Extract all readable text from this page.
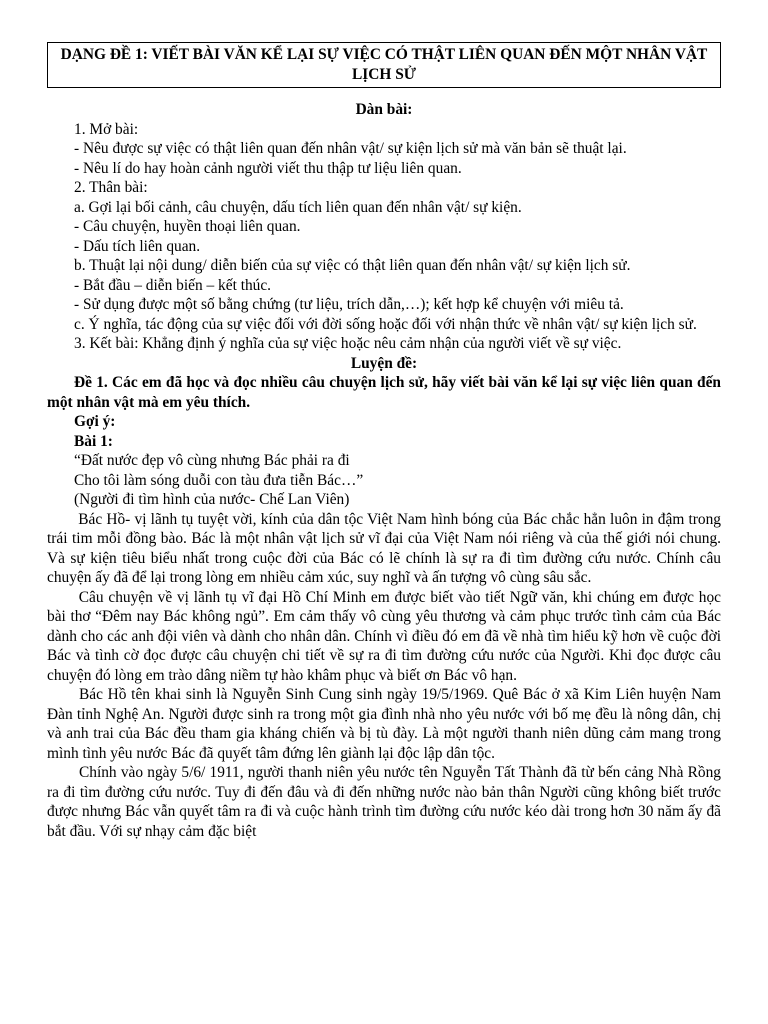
DẠNG ĐỀ 1: VIẾT BÀI VĂN KỂ LẠI SỰ VIỆC CÓ THẬT LIÊN QUAN ĐẾN MỘT NHÂN VẬT LỊCH SỬ
Dàn bài:

1. Mở bài:

- Nêu được sự việc có thật liên quan đến nhân vật/ sự kiện lịch sử mà văn bản sẽ thuật lại.

- Nêu lí do hay hoàn cảnh người viết thu thập tư liệu liên quan.

2. Thân bài:

a. Gợi lại bối cảnh, câu chuyện, dấu tích liên quan đến nhân vật/ sự kiện.

- Câu chuyện, huyền thoại liên quan.

- Dấu tích liên quan.

b. Thuật lại nội dung/ diễn biến của sự việc có thật liên quan đến nhân vật/ sự kiện lịch sử.

- Bắt đầu – diễn biến – kết thúc.

- Sử dụng được một số bằng chứng (tư liệu, trích dẫn,…); kết hợp kể chuyện với miêu tả.

c. Ý nghĩa, tác động của sự việc đối với đời sống hoặc đối với nhận thức về nhân vật/ sự kiện lịch sử.

3. Kết bài: Khẳng định ý nghĩa của sự việc hoặc nêu cảm nhận của người viết về sự việc.

Luyện đề:

Đề 1. Các em đã học và đọc nhiều câu chuyện lịch sử, hãy viết bài văn kể lại sự việc liên quan đến một nhân vật mà em yêu thích.

Gợi ý:

Bài 1:

“Đất nước đẹp vô cùng nhưng Bác phải ra đi

Cho tôi làm sóng duỗi con tàu đưa tiễn Bác…”

(Người đi tìm hình của nước- Chế Lan Viên)

Bác Hồ- vị lãnh tụ tuyệt vời, kính của dân tộc Việt Nam hình bóng của Bác chắc hẳn luôn in đậm trong trái tim mỗi đồng bào. Bác là một nhân vật lịch sử vĩ đại của Việt Nam nói riêng và của thế giới nói chung. Và sự kiện tiêu biểu nhất trong cuộc đời của Bác có lẽ chính là sự ra đi tìm đường cứu nước. Chính câu chuyện ấy đã để lại trong lòng em nhiều cảm xúc, suy nghĩ và ấn tượng vô cùng sâu sắc.

Câu chuyện về vị lãnh tụ vĩ đại Hồ Chí Minh em được biết vào tiết Ngữ văn, khi chúng em được học bài thơ “Đêm nay Bác không ngủ”. Em cảm thấy vô cùng yêu thương và cảm phục trước tình cảm của Bác dành cho các anh đội viên và dành cho nhân dân. Chính vì điều đó em đã về nhà tìm hiểu kỹ hơn về cuộc đời Bác và tình cờ đọc được câu chuyện chi tiết về sự ra đi tìm đường cứu nước của Người. Khi đọc được câu chuyện đó lòng em trào dâng niềm tự hào khâm phục và biết ơn Bác vô hạn.

Bác Hồ tên khai sinh là Nguyễn Sinh Cung sinh ngày 19/5/1969. Quê Bác ở xã Kim Liên huyện Nam Đàn tỉnh Nghệ An. Người được sinh ra trong một gia đình nhà nho yêu nước với bố mẹ đều là nông dân, chị và anh trai của Bác đều tham gia kháng chiến và bị tù đày. Là một người thanh niên dũng cảm mang trong mình tình yêu nước Bác đã quyết tâm đứng lên giành lại độc lập dân tộc.

Chính vào ngày 5/6/ 1911, người thanh niên yêu nước tên Nguyễn Tất Thành đã từ bến cảng Nhà Rồng ra đi tìm đường cứu nước. Tuy đi đến đâu và đi đến những nước nào bản thân Người cũng không biết trước được nhưng Bác vẫn quyết tâm ra đi và cuộc hành trình tìm đường cứu nước kéo dài trong hơn 30 năm ấy đã bắt đầu. Với sự nhạy cảm đặc biệt
